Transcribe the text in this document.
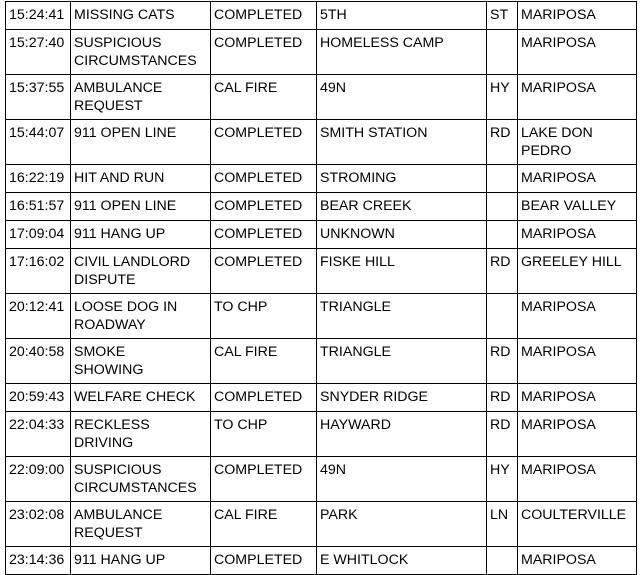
15:24:41	MISSING CATS	COMPLETED	5TH	ST	MARIPOSA
15:27:40	SUSPICIOUS
CIRCUMSTANCES	COMPLETED	HOMELESS CAMP		MARIPOSA
15:37:55	AMBULANCE
REQUEST	CAL FIRE	49N	HY	MARIPOSA
15:44:07	911 OPEN LINE	COMPLETED	SMITH STATION	RD	LAKE DON
PEDRO
16:22:19	HIT AND RUN	COMPLETED	STROMING		MARIPOSA
16:51:57	911 OPEN LINE	COMPLETED	BEAR CREEK		BEAR VALLEY
17:09:04	911 HANG UP	COMPLETED	UNKNOWN		MARIPOSA
17:16:02	CIVIL LANDLORD
DISPUTE	COMPLETED	FISKE HILL	RD	GREELEY HILL
20:12:41	LOOSE DOG IN
ROADWAY	TO CHP	TRIANGLE		MARIPOSA
20:40:58	SMOKE
SHOWING	CAL FIRE	TRIANGLE	RD	MARIPOSA
20:59:43	WELFARE CHECK	COMPLETED	SNYDER RIDGE	RD	MARIPOSA
22:04:33	RECKLESS
DRIVING	TO CHP	HAYWARD	RD	MARIPOSA
22:09:00	SUSPICIOUS
CIRCUMSTANCES	COMPLETED	49N	HY	MARIPOSA
23:02:08	AMBULANCE
REQUEST	CAL FIRE	PARK	LN	COULTERVILLE
23:14:36	911 HANG UP	COMPLETED	E WHITLOCK		MARIPOSA
